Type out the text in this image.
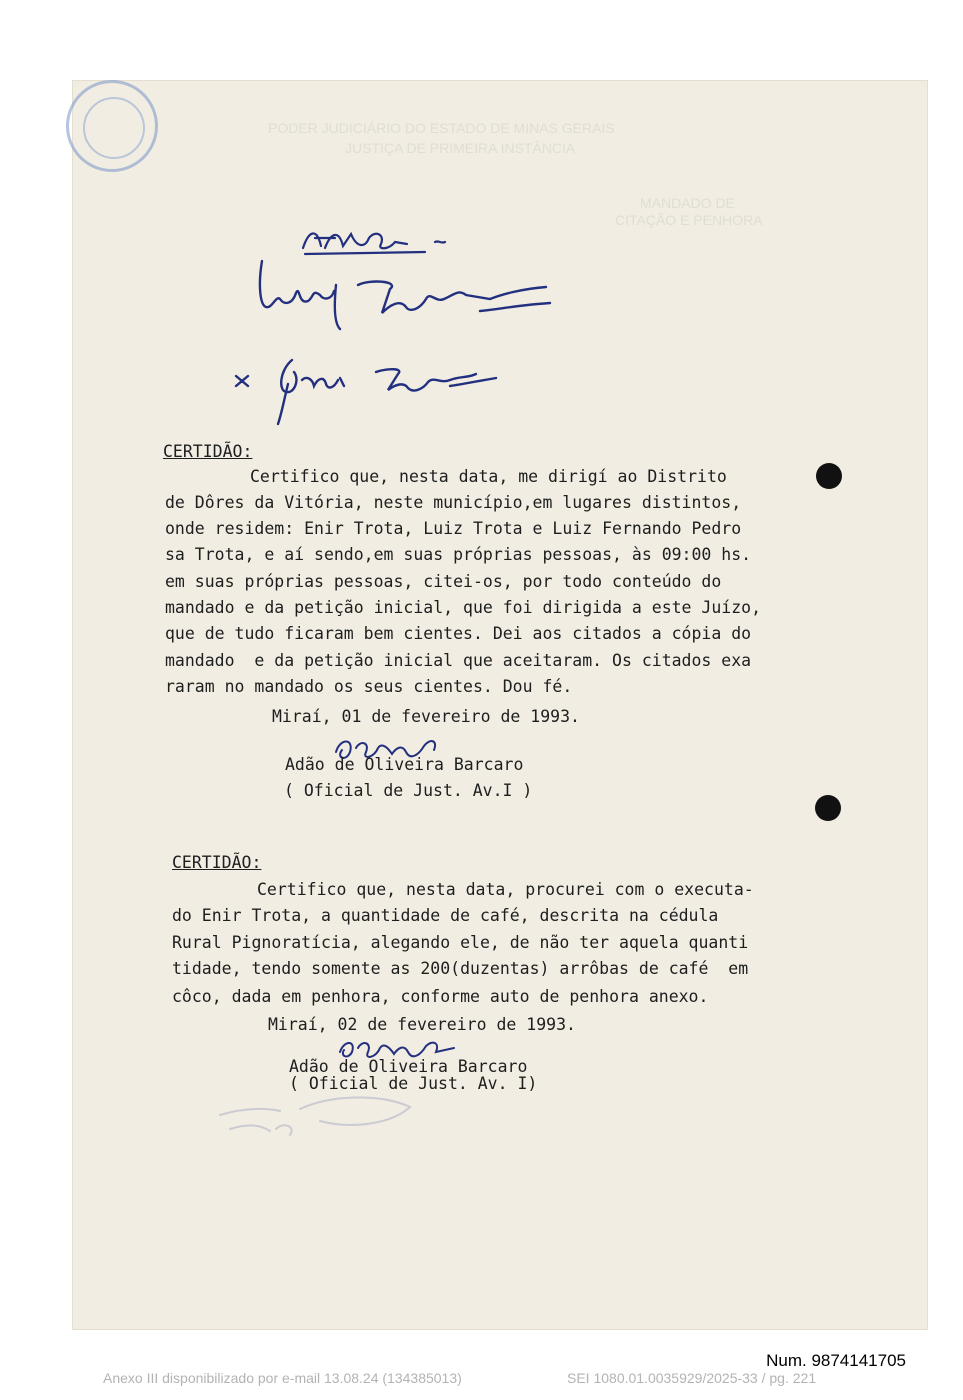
PODER JUDICIÁRIO DO ESTADO DE MINAS GERAIS
JUSTIÇA DE PRIMEIRA INSTÂNCIA
MANDADO DE
CITAÇÃO E PENHORA
CERTIDÃO:
Certifico que, nesta data, me dirigí ao Distrito
de Dôres da Vitória, neste município,em lugares distintos,
onde residem: Enir Trota, Luiz Trota e Luiz Fernando Pedro
sa Trota, e aí sendo,em suas próprias pessoas, às 09:00 hs.
em suas próprias pessoas, citei-os, por todo conteúdo do
mandado e da petição inicial, que foi dirigida a este Juízo,
que de tudo ficaram bem cientes. Dei aos citados a cópia do
mandado  e da petição inicial que aceitaram. Os citados exa
raram no mandado os seus cientes. Dou fé.
Miraí, 01 de fevereiro de 1993.
Adão de Oliveira Barcaro
( Oficial de Just. Av.I )
CERTIDÃO:
Certifico que, nesta data, procurei com o executa-
do Enir Trota, a quantidade de café, descrita na cédula
Rural Pignoratícia, alegando ele, de não ter aquela quanti
tidade, tendo somente as 200(duzentas) arrôbas de café  em
côco, dada em penhora, conforme auto de penhora anexo.
Miraí, 02 de fevereiro de 1993.
Adão de Oliveira Barcaro
( Oficial de Just. Av. I)
Num. 9874141705
Anexo III disponibilizado por e-mail 13.08.24 (134385013)	SEI 1080.01.0035929/2025-33 / pg. 221
